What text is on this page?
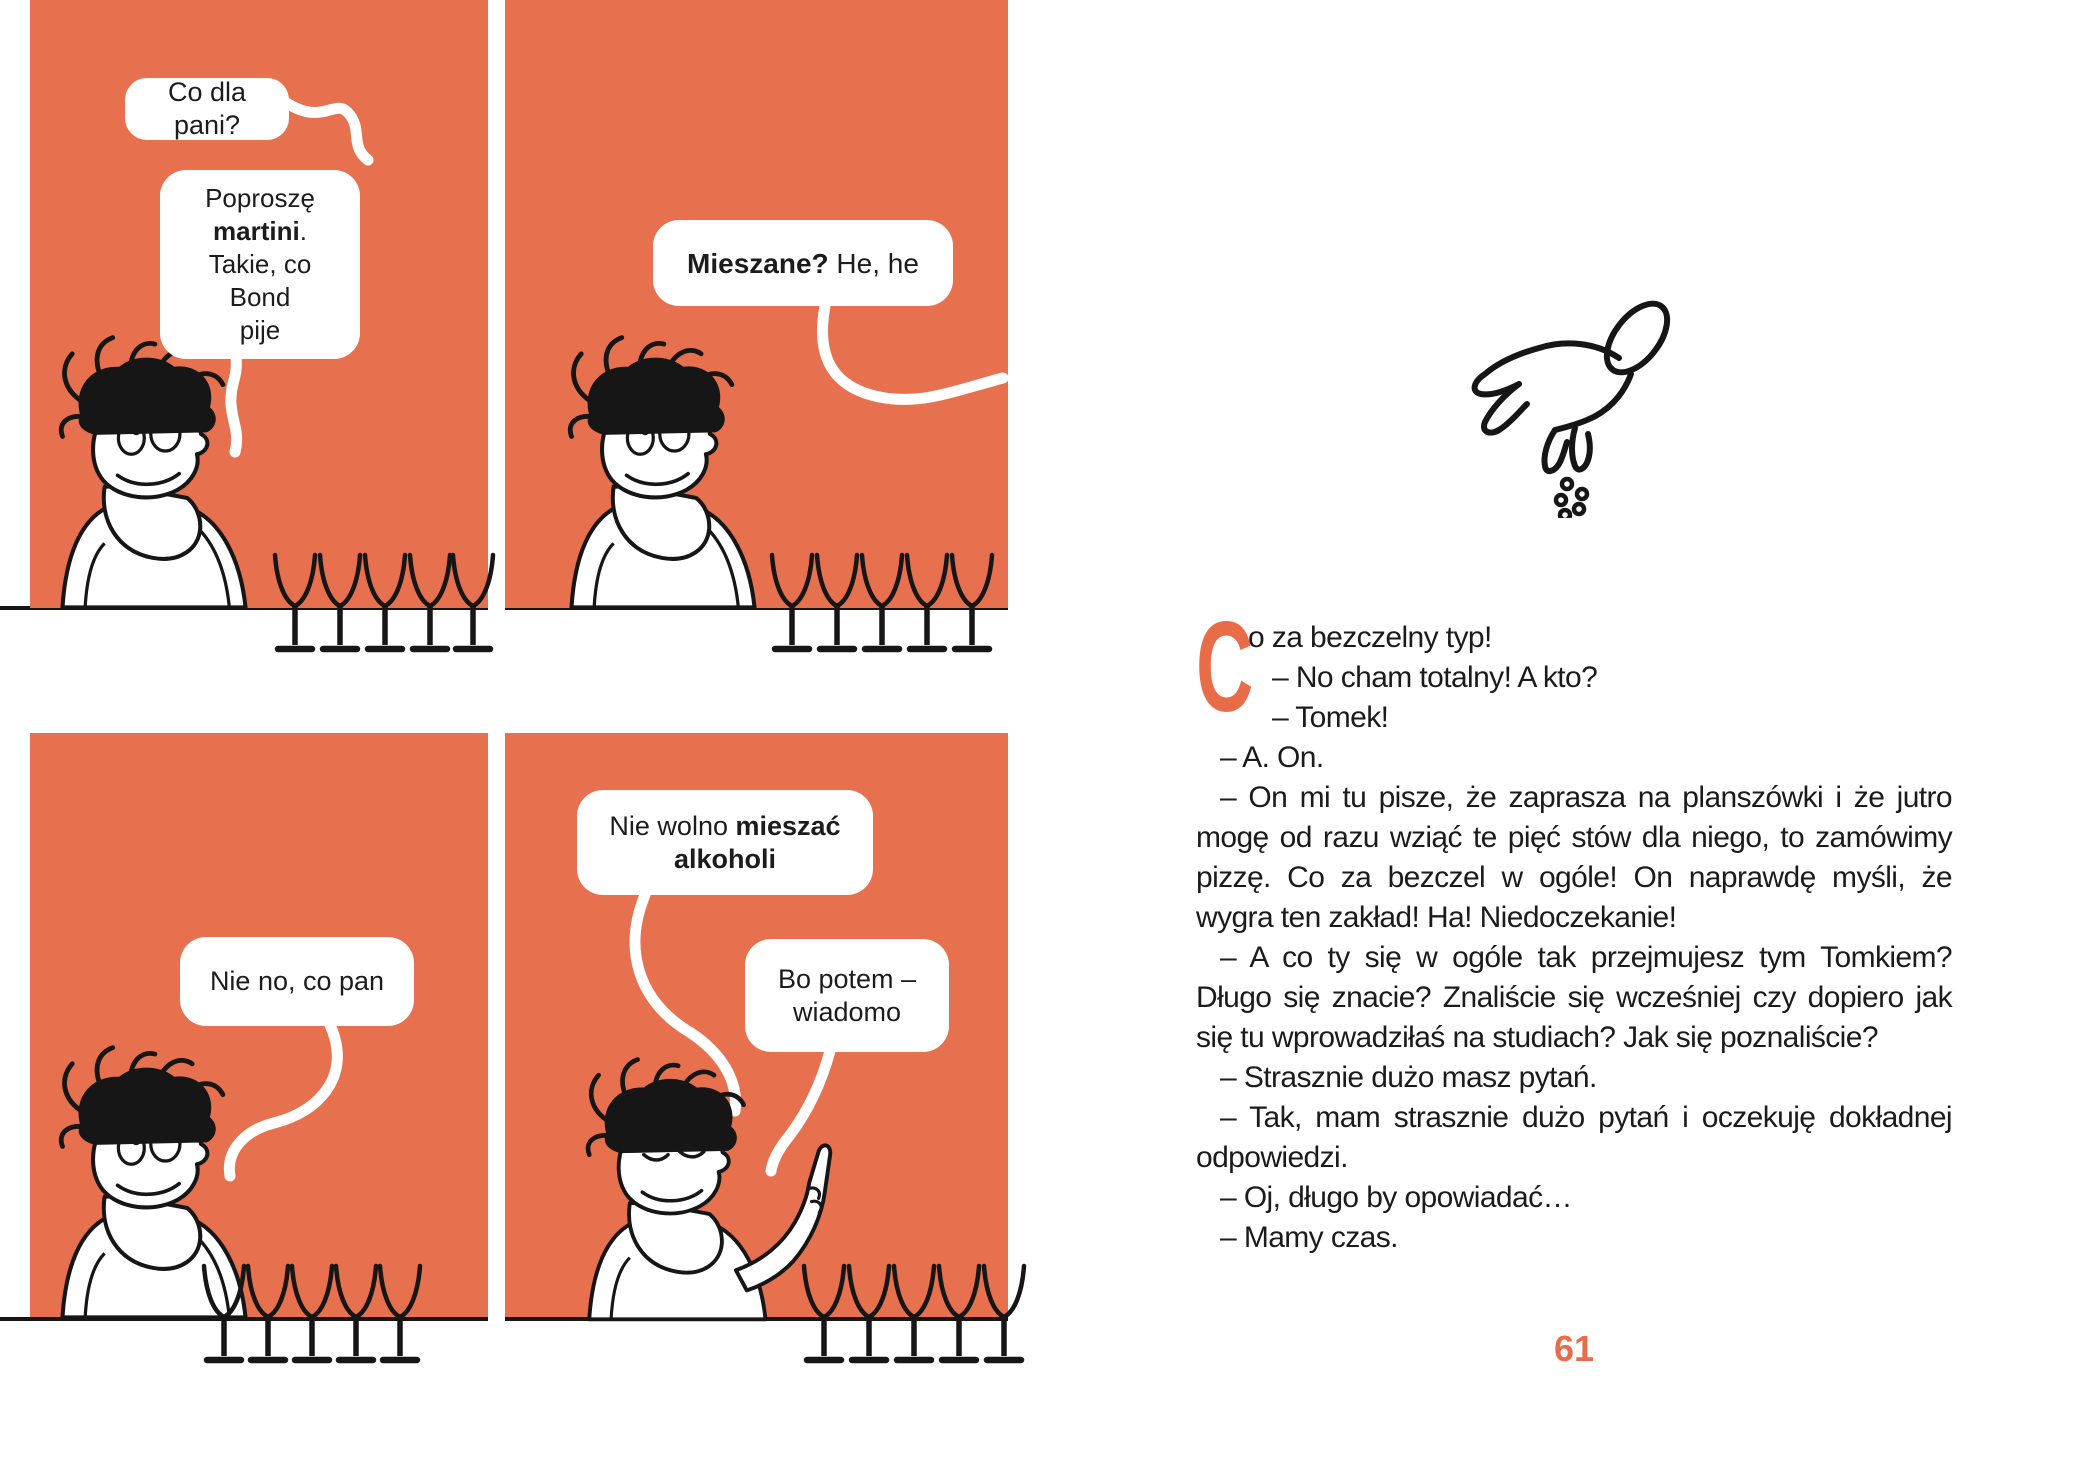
Co dla pani?
Poproszę martini.
Takie, co Bond
pije
Mieszane? He, he
Nie no, co pan
Nie wolno mieszać
alkoholi
Bo potem –
wiadomo
C

o za bezczelny typ!

– No cham totalny! A kto?

– Tomek!

– A. On.

– On mi tu pisze, że zaprasza na planszówki i że jutro mogę od razu wziąć te pięć stów dla niego, to zamówimy pizzę. Co za bezczel w ogóle! On naprawdę myśli, że wygra ten zakład! Ha! Niedoczekanie!

– A co ty się w ogóle tak przejmujesz tym Tomkiem? Długo się znacie? Znaliście się wcześniej czy dopiero jak się tu wprowadziłaś na studiach? Jak się poznaliście?

– Strasznie dużo masz pytań.

– Tak, mam strasznie dużo pytań i oczekuję dokładnej odpowiedzi.

– Oj, długo by opowiadać…

– Mamy czas.

61
